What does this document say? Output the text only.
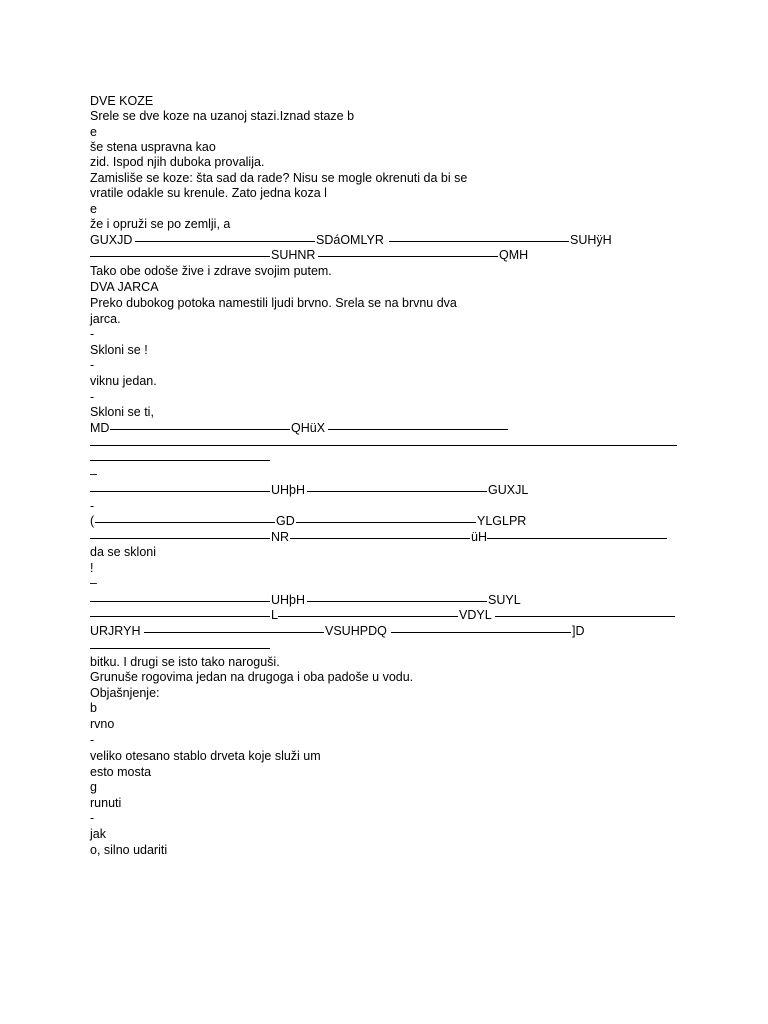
DVE KOZE
Srele se dve koze na uzanoj stazi.Iznad staze b
e
še stena uspravna kao
zid. Ispod njih duboka provalija.
Zamisliše se koze: šta sad da rade? Nisu se mogle okrenuti da bi se
vratile odakle su krenule. Zato jedna koza l
e
že i opruži se po zemlji, a
GUXJD	SDáOMLYR	SUHÿH
SUHNR	QMH
Tako obe odoše žive i zdrave svojim putem.
DVA JARCA
Preko dubokog potoka namestili ljudi brvno. Srela se na brvnu dva
jarca.
-
Skloni se !
-
viknu jedan.
-
Skloni se ti,
MD	QHüX
–
UHþH	GUXJL
-
(	GD	YLGLPR
NR	üH
da se skloni
!
–
UHþH	SUYL
L	VDYL
URJRYH	VSUHPDQ	]D
bitku. I drugi se isto tako naroguši.
Grunuše rogovima jedan na drugoga i oba padoše u vodu.
Objašnjenje:
b
rvno
-
veliko otesano stablo drveta koje služi um
esto mosta
g
runuti
-
jak
o, silno udariti
